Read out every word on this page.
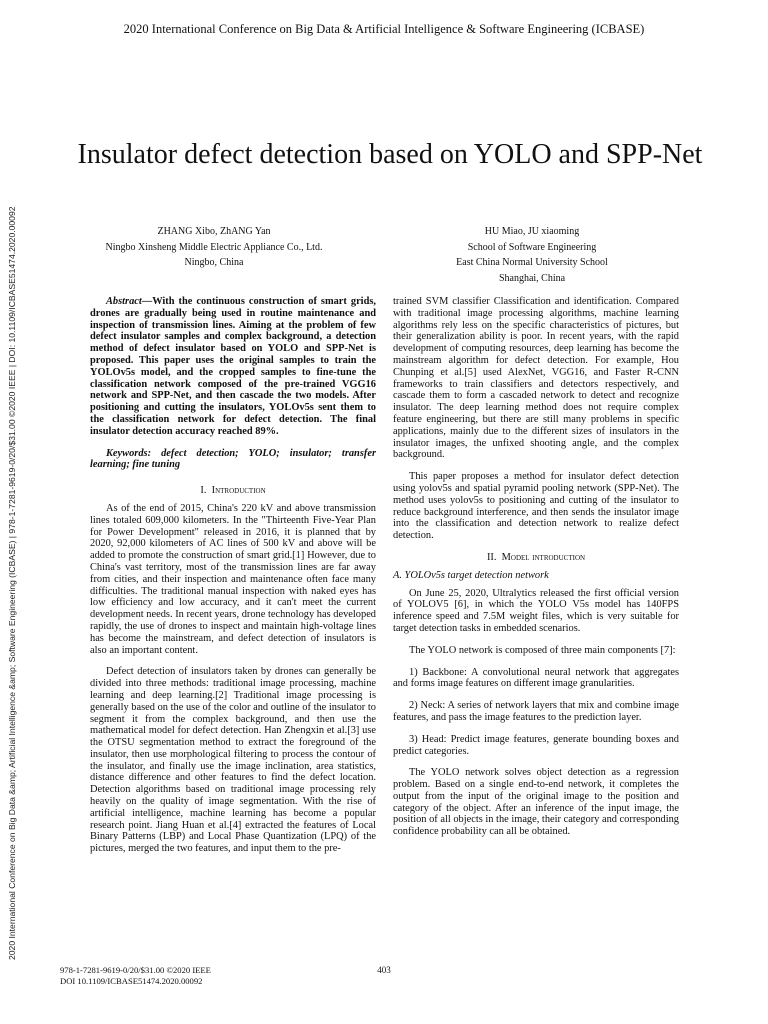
2020 International Conference on Big Data & Artificial Intelligence & Software Engineering (ICBASE)
2020 International Conference on Big Data &amp; Artificial Intelligence &amp; Software Engineering (ICBASE) | 978-1-7281-9619-0/20/$31.00 ©2020 IEEE | DOI: 10.1109/ICBASE51474.2020.00092
Insulator defect detection based on YOLO and SPP-Net
ZHANG Xibo, ZhANG Yan
Ningbo Xinsheng Middle Electric Appliance Co., Ltd.
Ningbo, China
HU Miao, JU xiaoming
School of Software Engineering
East China Normal University School
Shanghai, China

Abstract—With the continuous construction of smart grids, drones are gradually being used in routine maintenance and inspection of transmission lines. Aiming at the problem of few defect insulator samples and complex background, a detection method of defect insulator based on YOLO and SPP-Net is proposed. This paper uses the original samples to train the YOLOv5s model, and the cropped samples to fine-tune the classification network composed of the pre-trained VGG16 network and SPP-Net, and then cascade the two models. After positioning and cutting the insulators, YOLOv5s sent them to the classification network for defect detection. The final insulator detection accuracy reached 89%.

Keywords: defect detection; YOLO; insulator; transfer learning; fine tuning

I. Introduction

As of the end of 2015, China's 220 kV and above transmission lines totaled 609,000 kilometers. In the "Thirteenth Five-Year Plan for Power Development" released in 2016, it is planned that by 2020, 92,000 kilometers of AC lines of 500 kV and above will be added to promote the construction of smart grid.[1] However, due to China's vast territory, most of the transmission lines are far away from cities, and their inspection and maintenance often face many difficulties. The traditional manual inspection with naked eyes has low efficiency and low accuracy, and it can't meet the current development needs. In recent years, drone technology has developed rapidly, the use of drones to inspect and maintain high-voltage lines has become the mainstream, and defect detection of insulators is also an important content.

Defect detection of insulators taken by drones can generally be divided into three methods: traditional image processing, machine learning and deep learning.[2] Traditional image processing is generally based on the use of the color and outline of the insulator to segment it from the complex background, and then use the mathematical model for defect detection. Han Zhengxin et al.[3] use the OTSU segmentation method to extract the foreground of the insulator, then use morphological filtering to process the contour of the insulator, and finally use the image inclination, area statistics, distance difference and other features to find the defect location. Detection algorithms based on traditional image processing rely heavily on the quality of image segmentation. With the rise of artificial intelligence, machine learning has become a popular research point. Jiang Huan et al.[4] extracted the features of Local Binary Patterns (LBP) and Local Phase Quantization (LPQ) of the pictures, merged the two features, and input them to the pre-

trained SVM classifier Classification and identification. Compared with traditional image processing algorithms, machine learning algorithms rely less on the specific characteristics of pictures, but their generalization ability is poor. In recent years, with the rapid development of computing resources, deep learning has become the mainstream algorithm for defect detection. For example, Hou Chunping et al.[5] used AlexNet, VGG16, and Faster R-CNN frameworks to train classifiers and detectors respectively, and cascade them to form a cascaded network to detect and recognize insulator. The deep learning method does not require complex feature engineering, but there are still many problems in specific applications, mainly due to the different sizes of insulators in the insulator images, the unfixed shooting angle, and the complex background.

This paper proposes a method for insulator defect detection using yolov5s and spatial pyramid pooling network (SPP-Net). The method uses yolov5s to positioning and cutting of the insulator to reduce background interference, and then sends the insulator image into the classification and detection network to realize defect detection.

II. Model introduction
A. YOLOv5s target detection network

On June 25, 2020, Ultralytics released the first official version of YOLOV5 [6], in which the YOLO V5s model has 140FPS inference speed and 7.5M weight files, which is very suitable for target detection tasks in embedded scenarios.

The YOLO network is composed of three main components [7]:

1) Backbone: A convolutional neural network that aggregates and forms image features on different image granularities.

2) Neck: A series of network layers that mix and combine image features, and pass the image features to the prediction layer.

3) Head: Predict image features, generate bounding boxes and predict categories.

The YOLO network solves object detection as a regression problem. Based on a single end-to-end network, it completes the output from the input of the original image to the position and category of the object. After an inference of the input image, the position of all objects in the image, their category and corresponding confidence probability can all be obtained.

978-1-7281-9619-0/20/$31.00 ©2020 IEEE
DOI 10.1109/ICBASE51474.2020.00092
403
